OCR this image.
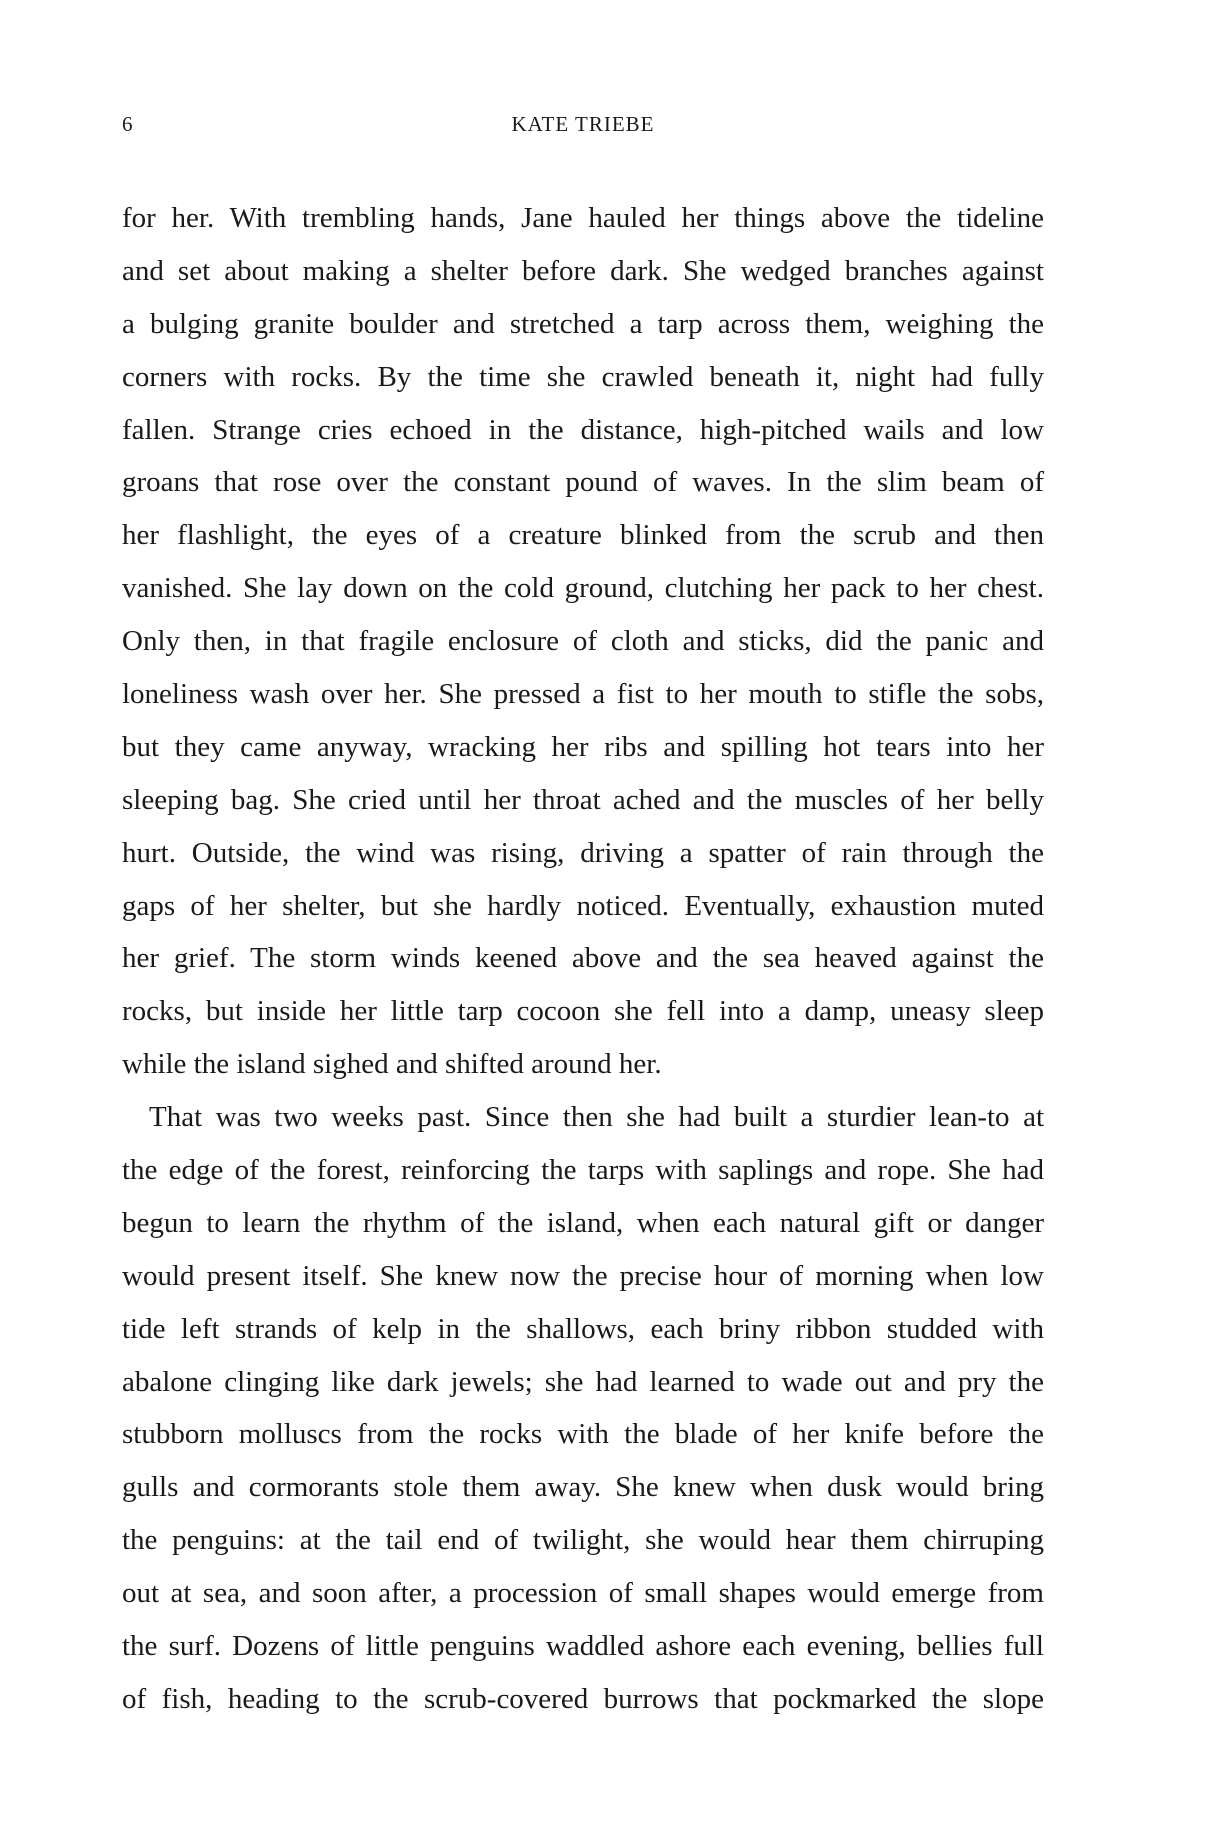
6	KATE TRIEBE
for her. With trembling hands, Jane hauled her things above the tideline
and set about making a shelter before dark. She wedged branches against
a bulging granite boulder and stretched a tarp across them, weighing the
corners with rocks. By the time she crawled beneath it, night had fully
fallen. Strange cries echoed in the distance, high-pitched wails and low
groans that rose over the constant pound of waves. In the slim beam of
her flashlight, the eyes of a creature blinked from the scrub and then
vanished. She lay down on the cold ground, clutching her pack to her chest.
Only then, in that fragile enclosure of cloth and sticks, did the panic and
loneliness wash over her. She pressed a fist to her mouth to stifle the sobs,
but they came anyway, wracking her ribs and spilling hot tears into her
sleeping bag. She cried until her throat ached and the muscles of her belly
hurt. Outside, the wind was rising, driving a spatter of rain through the
gaps of her shelter, but she hardly noticed. Eventually, exhaustion muted
her grief. The storm winds keened above and the sea heaved against the
rocks, but inside her little tarp cocoon she fell into a damp, uneasy sleep
while the island sighed and shifted around her.
That was two weeks past. Since then she had built a sturdier lean-to at
the edge of the forest, reinforcing the tarps with saplings and rope. She had
begun to learn the rhythm of the island, when each natural gift or danger
would present itself. She knew now the precise hour of morning when low
tide left strands of kelp in the shallows, each briny ribbon studded with
abalone clinging like dark jewels; she had learned to wade out and pry the
stubborn molluscs from the rocks with the blade of her knife before the
gulls and cormorants stole them away. She knew when dusk would bring
the penguins: at the tail end of twilight, she would hear them chirruping
out at sea, and soon after, a procession of small shapes would emerge from
the surf. Dozens of little penguins waddled ashore each evening, bellies full
of fish, heading to the scrub-covered burrows that pockmarked the slope
